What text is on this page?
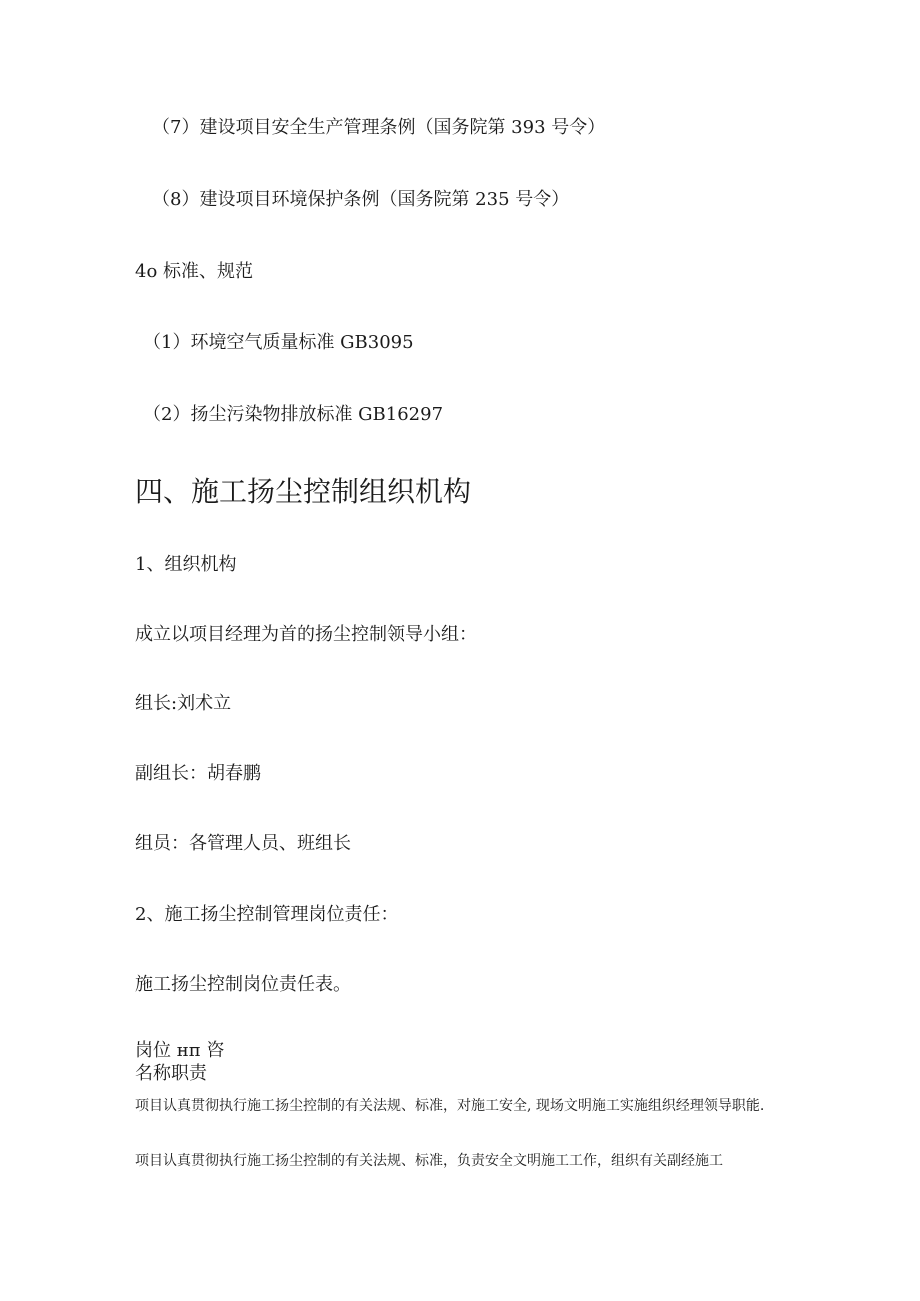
（7）建设项目安全生产管理条例（国务院第 393 号令）
（8）建设项目环境保护条例（国务院第 235 号令）
4o 标准、规范
（1）环境空气质量标准 GB3095
（2）扬尘污染物排放标准 GB16297
四、施工扬尘控制组织机构
1、组织机构
成立以项目经理为首的扬尘控制领导小组：
组长:刘术立
副组长：胡春鹏
组员：各管理人员、班组长
2、施工扬尘控制管理岗位责任：
施工扬尘控制岗位责任表。
岗位 нп 咨
名称职责
项目认真贯彻执行施工扬尘控制的有关法规、标准，对施工安全, 现场文明施工实施组织经理领导职能.
项目认真贯彻执行施工扬尘控制的有关法规、标准，负责安全文明施工工作，组织有关副经施工
